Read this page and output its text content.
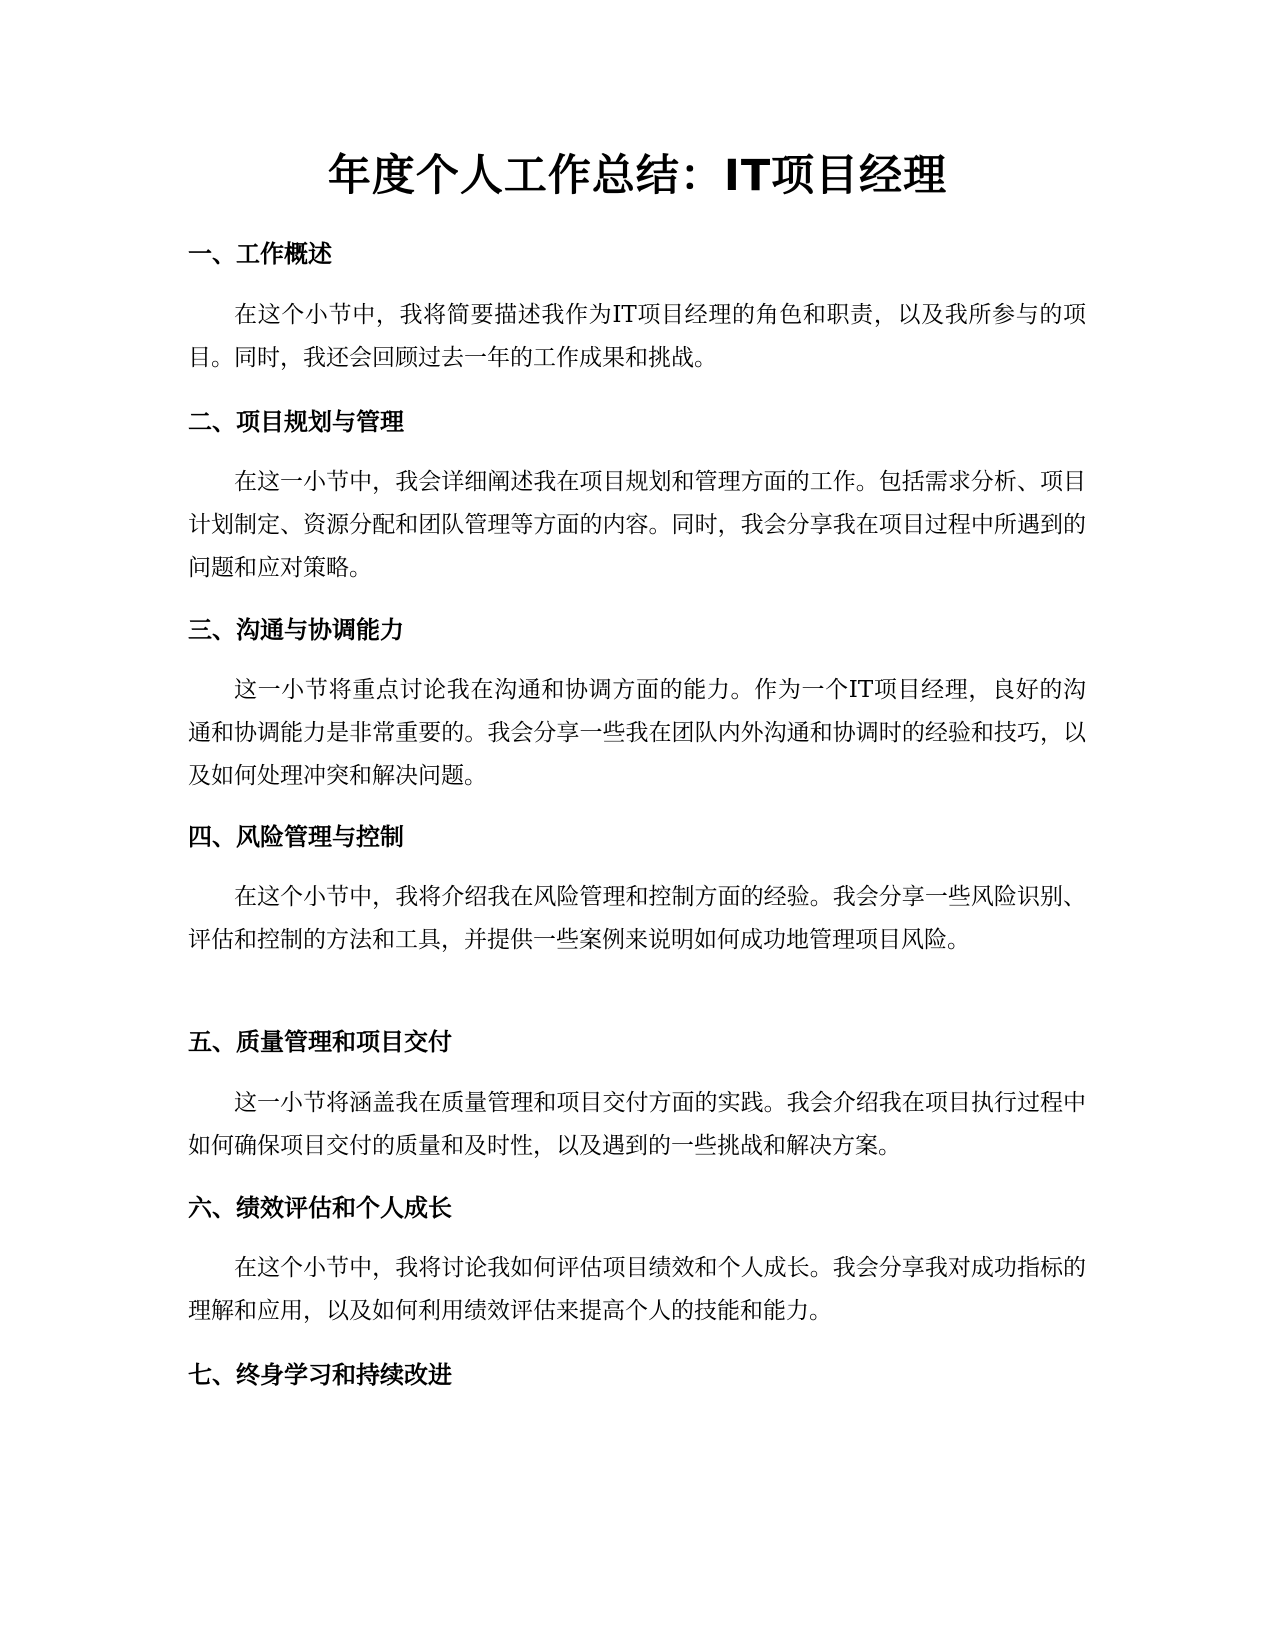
年度个人工作总结：IT项目经理
一、工作概述

在这个小节中，我将简要描述我作为IT项目经理的角色和职责，以及我所参与的项目。同时，我还会回顾过去一年的工作成果和挑战。

二、项目规划与管理

在这一小节中，我会详细阐述我在项目规划和管理方面的工作。包括需求分析、项目计划制定、资源分配和团队管理等方面的内容。同时，我会分享我在项目过程中所遇到的问题和应对策略。

三、沟通与协调能力

这一小节将重点讨论我在沟通和协调方面的能力。作为一个IT项目经理，良好的沟通和协调能力是非常重要的。我会分享一些我在团队内外沟通和协调时的经验和技巧，以及如何处理冲突和解决问题。

四、风险管理与控制

在这个小节中，我将介绍我在风险管理和控制方面的经验。我会分享一些风险识别、评估和控制的方法和工具，并提供一些案例来说明如何成功地管理项目风险。

五、质量管理和项目交付

这一小节将涵盖我在质量管理和项目交付方面的实践。我会介绍我在项目执行过程中如何确保项目交付的质量和及时性，以及遇到的一些挑战和解决方案。

六、绩效评估和个人成长

在这个小节中，我将讨论我如何评估项目绩效和个人成长。我会分享我对成功指标的理解和应用，以及如何利用绩效评估来提高个人的技能和能力。

七、终身学习和持续改进
